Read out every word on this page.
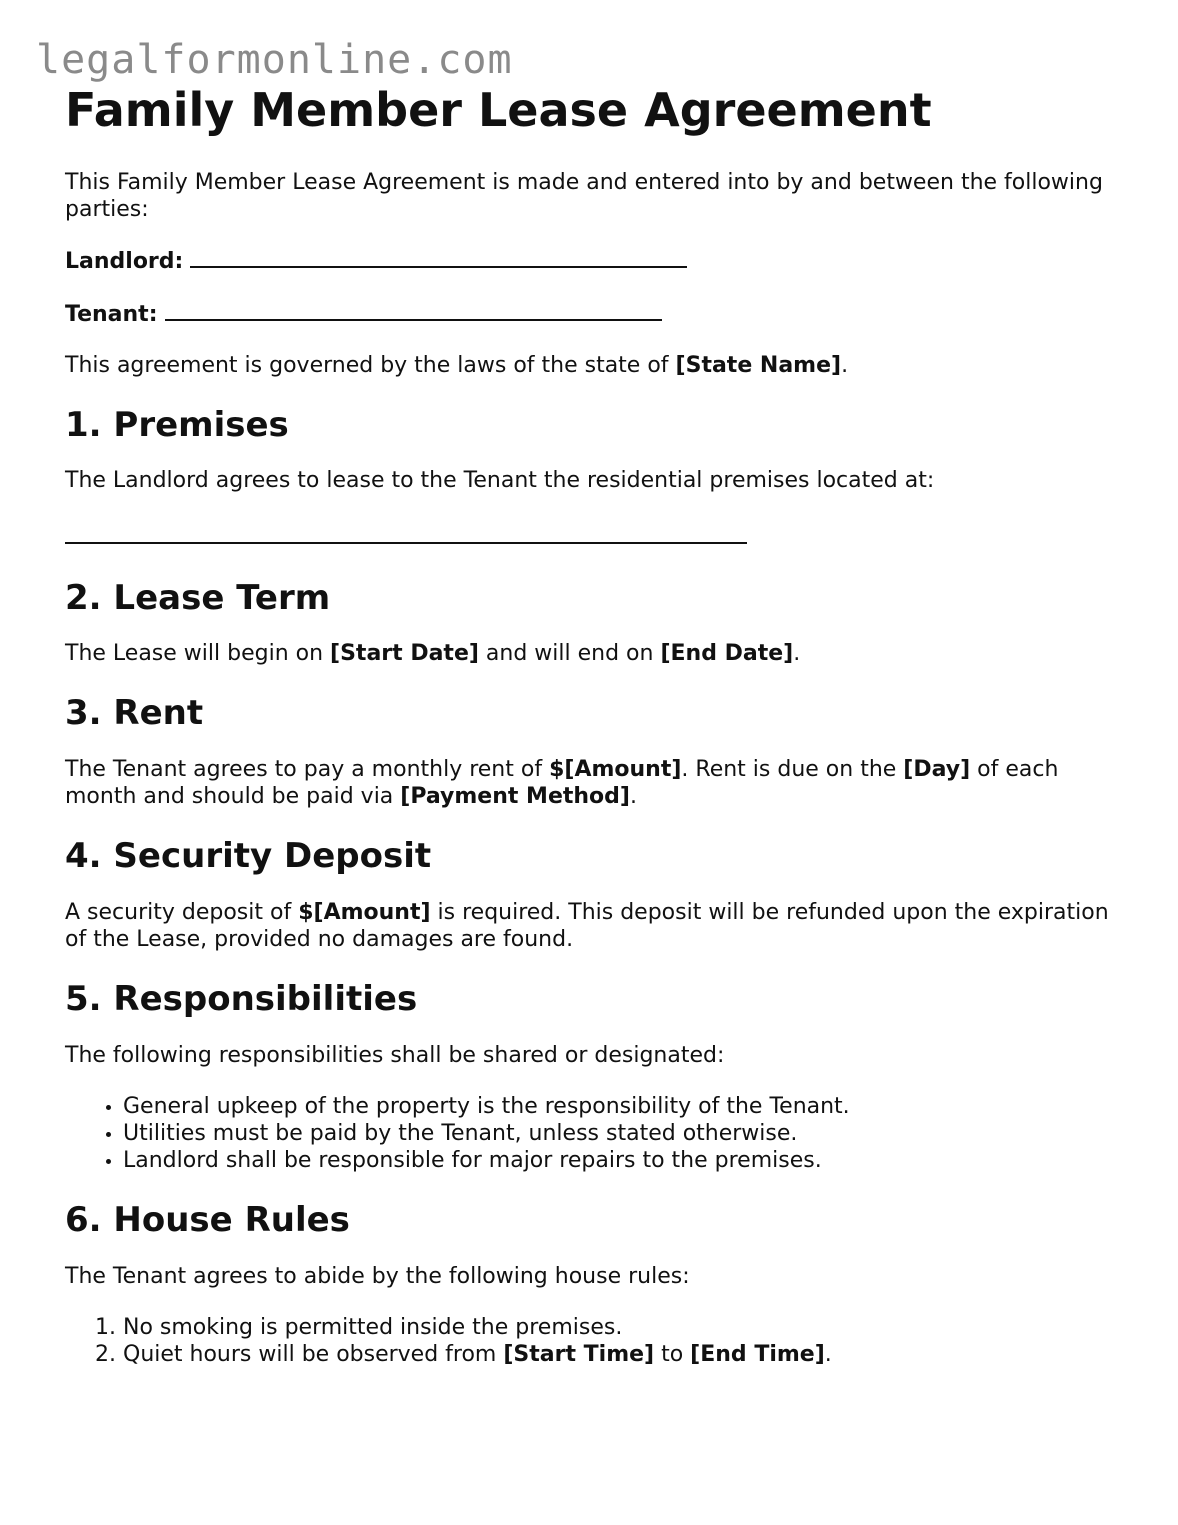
legalformonline.com
Family Member Lease Agreement

This Family Member Lease Agreement is made and entered into by and between the following parties:

Landlord:

Tenant:

This agreement is governed by the laws of the state of [State Name].

1. Premises

The Landlord agrees to lease to the Tenant the residential premises located at:

2. Lease Term

The Lease will begin on [Start Date] and will end on [End Date].

3. Rent

The Tenant agrees to pay a monthly rent of $[Amount]. Rent is due on the [Day] of each month and should be paid via [Payment Method].

4. Security Deposit

A security deposit of $[Amount] is required. This deposit will be refunded upon the expiration of the Lease, provided no damages are found.

5. Responsibilities

The following responsibilities shall be shared or designated:

• General upkeep of the property is the responsibility of the Tenant.
• Utilities must be paid by the Tenant, unless stated otherwise.
• Landlord shall be responsible for major repairs to the premises.
6. House Rules

The Tenant agrees to abide by the following house rules:

1. No smoking is permitted inside the premises.
2. Quiet hours will be observed from [Start Time] to [End Time].
